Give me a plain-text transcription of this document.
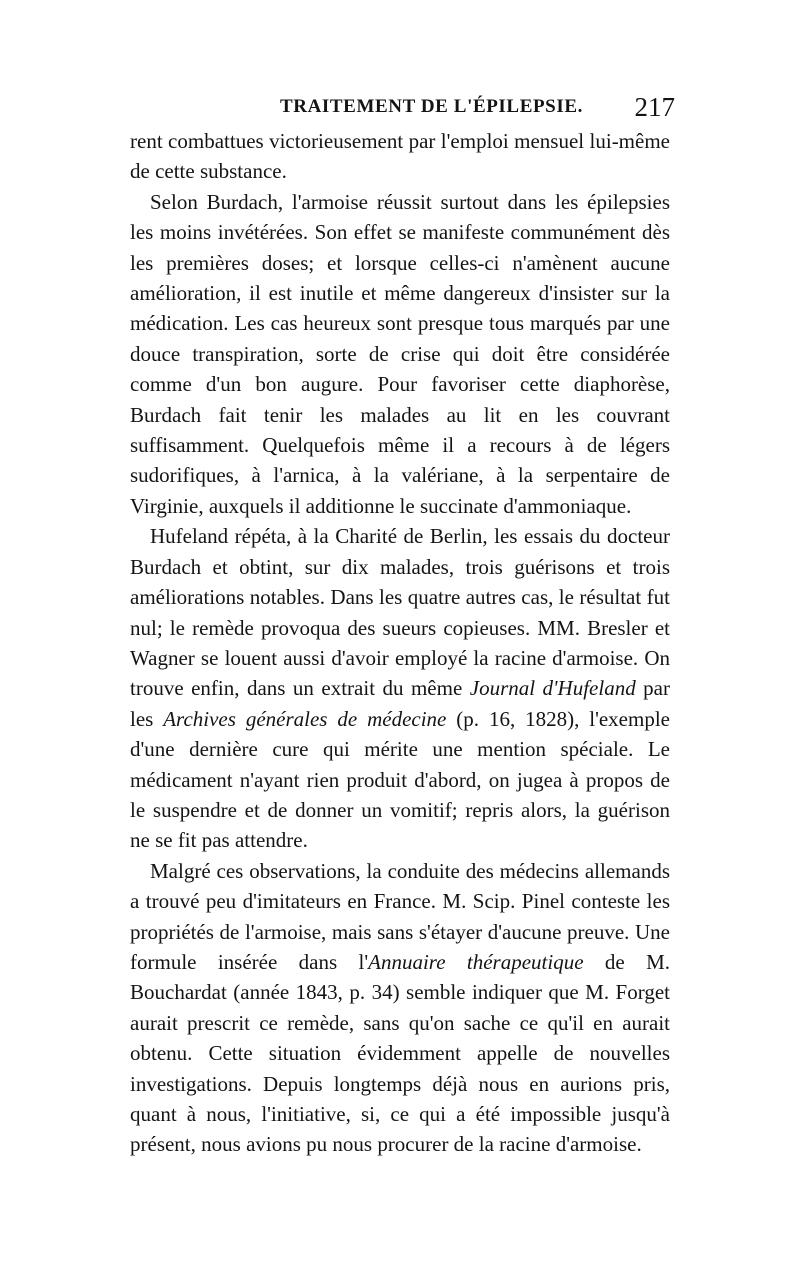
TRAITEMENT DE L'ÉPILEPSIE. 217

rent combattues victorieusement par l'emploi mensuel lui-même de cette substance.

Selon Burdach, l'armoise réussit surtout dans les épilepsies les moins invétérées. Son effet se manifeste communément dès les premières doses; et lorsque celles-ci n'amènent aucune amélioration, il est inutile et même dangereux d'insister sur la médication. Les cas heureux sont presque tous marqués par une douce transpiration, sorte de crise qui doit être considérée comme d'un bon augure. Pour favoriser cette diaphorèse, Burdach fait tenir les malades au lit en les couvrant suffisamment. Quelquefois même il a recours à de légers sudorifiques, à l'arnica, à la valériane, à la serpentaire de Virginie, auxquels il additionne le succinate d'ammoniaque.

Hufeland répéta, à la Charité de Berlin, les essais du docteur Burdach et obtint, sur dix malades, trois guérisons et trois améliorations notables. Dans les quatre autres cas, le résultat fut nul; le remède provoqua des sueurs copieuses. MM. Bresler et Wagner se louent aussi d'avoir employé la racine d'armoise. On trouve enfin, dans un extrait du même Journal d'Hufeland par les Archives générales de médecine (p. 16, 1828), l'exemple d'une dernière cure qui mérite une mention spéciale. Le médicament n'ayant rien produit d'abord, on jugea à propos de le suspendre et de donner un vomitif; repris alors, la guérison ne se fit pas attendre.

Malgré ces observations, la conduite des médecins allemands a trouvé peu d'imitateurs en France. M. Scip. Pinel conteste les propriétés de l'armoise, mais sans s'étayer d'aucune preuve. Une formule insérée dans l'Annuaire thérapeutique de M. Bouchardat (année 1843, p. 34) semble indiquer que M. Forget aurait prescrit ce remède, sans qu'on sache ce qu'il en aurait obtenu. Cette situation évidemment appelle de nouvelles investigations. Depuis longtemps déjà nous en aurions pris, quant à nous, l'initiative, si, ce qui a été impossible jusqu'à présent, nous avions pu nous procurer de la racine d'armoise.
